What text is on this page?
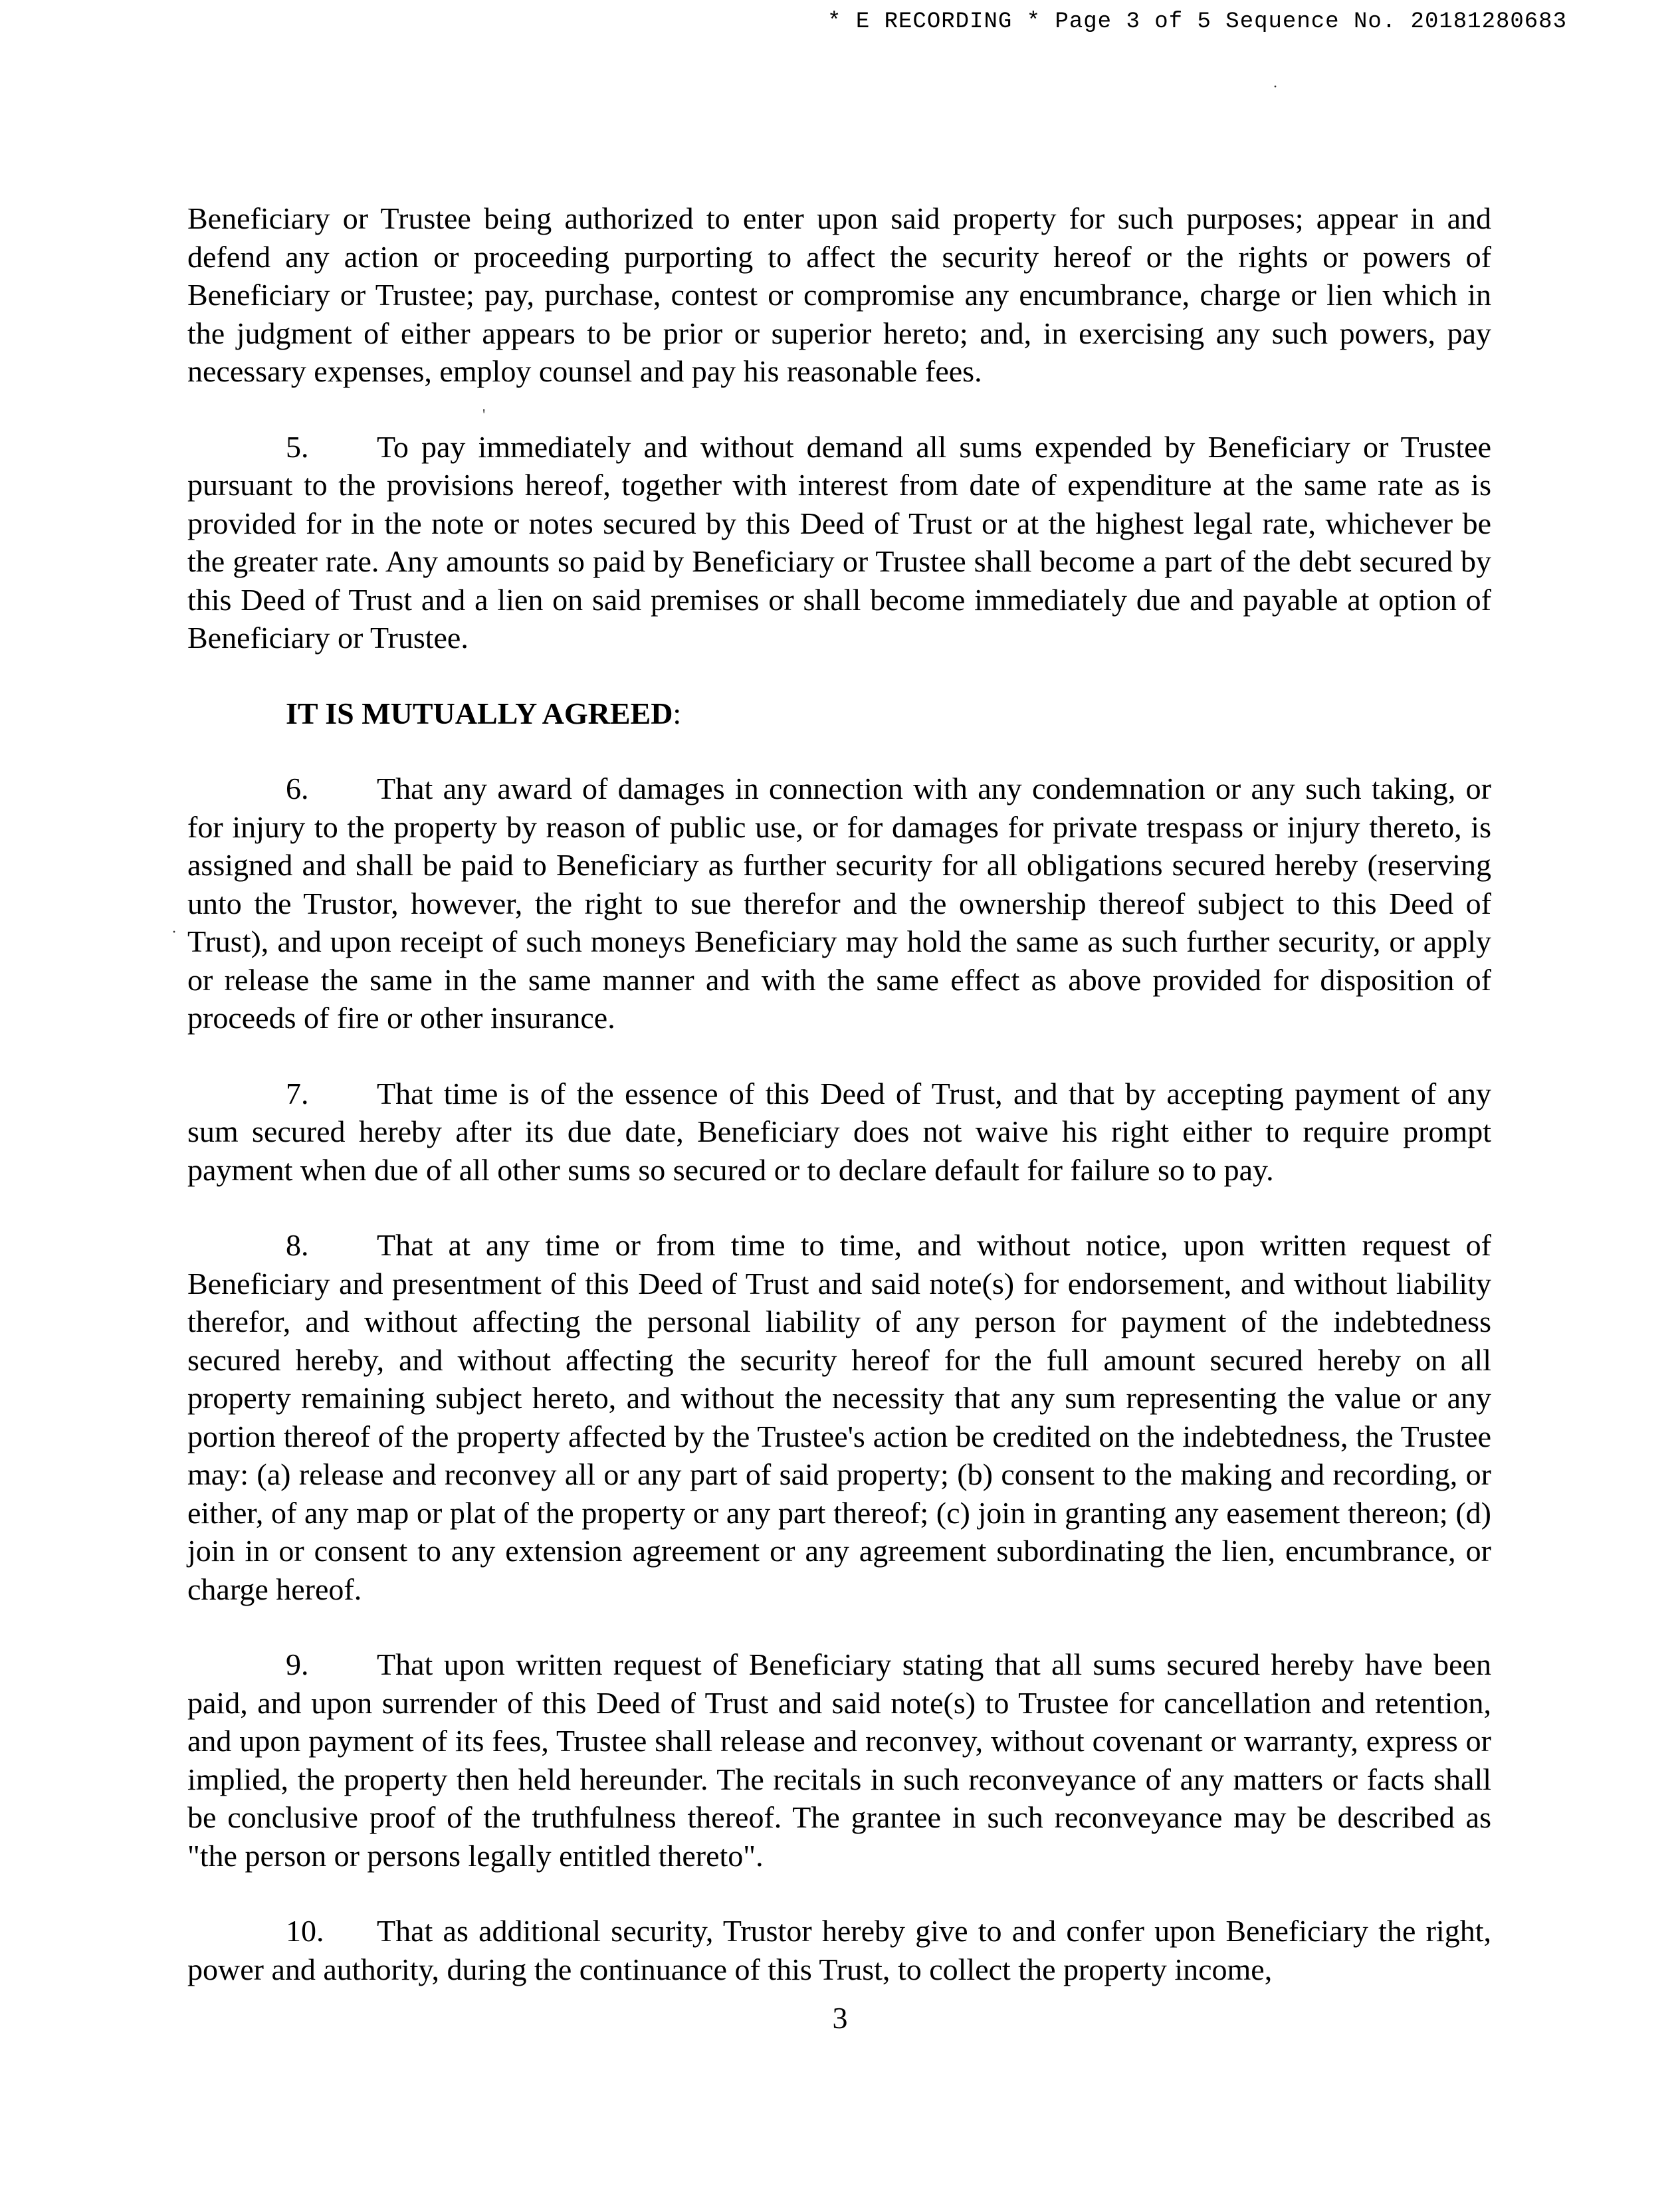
* E RECORDING * Page 3 of 5 Sequence No. 20181280683
·
'
·

Beneficiary or Trustee being authorized to enter upon said property for such purposes; appear in and defend any action or proceeding purporting to affect the security hereof or the rights or powers of Beneficiary or Trustee; pay, purchase, contest or compromise any encumbrance, charge or lien which in the judgment of either appears to be prior or superior hereto; and, in exercising any such powers, pay necessary expenses, employ counsel and pay his reasonable fees.

5. To pay immediately and without demand all sums expended by Beneficiary or Trustee pursuant to the provisions hereof, together with interest from date of expenditure at the same rate as is provided for in the note or notes secured by this Deed of Trust or at the highest legal rate, whichever be the greater rate. Any amounts so paid by Beneficiary or Trustee shall become a part of the debt secured by this Deed of Trust and a lien on said premises or shall become immediately due and payable at option of Beneficiary or Trustee.

IT IS MUTUALLY AGREED:

6. That any award of damages in connection with any condemnation or any such taking, or for injury to the property by reason of public use, or for damages for private trespass or injury thereto, is assigned and shall be paid to Beneficiary as further security for all obligations secured hereby (reserving unto the Trustor, however, the right to sue therefor and the ownership thereof subject to this Deed of Trust), and upon receipt of such moneys Beneficiary may hold the same as such further security, or apply or release the same in the same manner and with the same effect as above provided for disposition of proceeds of fire or other insurance.

7. That time is of the essence of this Deed of Trust, and that by accepting payment of any sum secured hereby after its due date, Beneficiary does not waive his right either to require prompt payment when due of all other sums so secured or to declare default for failure so to pay.

8. That at any time or from time to time, and without notice, upon written request of Beneficiary and presentment of this Deed of Trust and said note(s) for endorsement, and without liability therefor, and without affecting the personal liability of any person for payment of the indebtedness secured hereby, and without affecting the security hereof for the full amount secured hereby on all property remaining subject hereto, and without the necessity that any sum representing the value or any portion thereof of the property affected by the Trustee's action be credited on the indebtedness, the Trustee may: (a) release and reconvey all or any part of said property; (b) consent to the making and recording, or either, of any map or plat of the property or any part thereof; (c) join in granting any easement thereon; (d) join in or consent to any extension agreement or any agreement subordinating the lien, encumbrance, or charge hereof.

9. That upon written request of Beneficiary stating that all sums secured hereby have been paid, and upon surrender of this Deed of Trust and said note(s) to Trustee for cancellation and retention, and upon payment of its fees, Trustee shall release and reconvey, without covenant or warranty, express or implied, the property then held hereunder. The recitals in such reconveyance of any matters or facts shall be conclusive proof of the truthfulness thereof. The grantee in such reconveyance may be described as "the person or persons legally entitled thereto".

10. That as additional security, Trustor hereby give to and confer upon Beneficiary the right, power and authority, during the continuance of this Trust, to collect the property income,

3
